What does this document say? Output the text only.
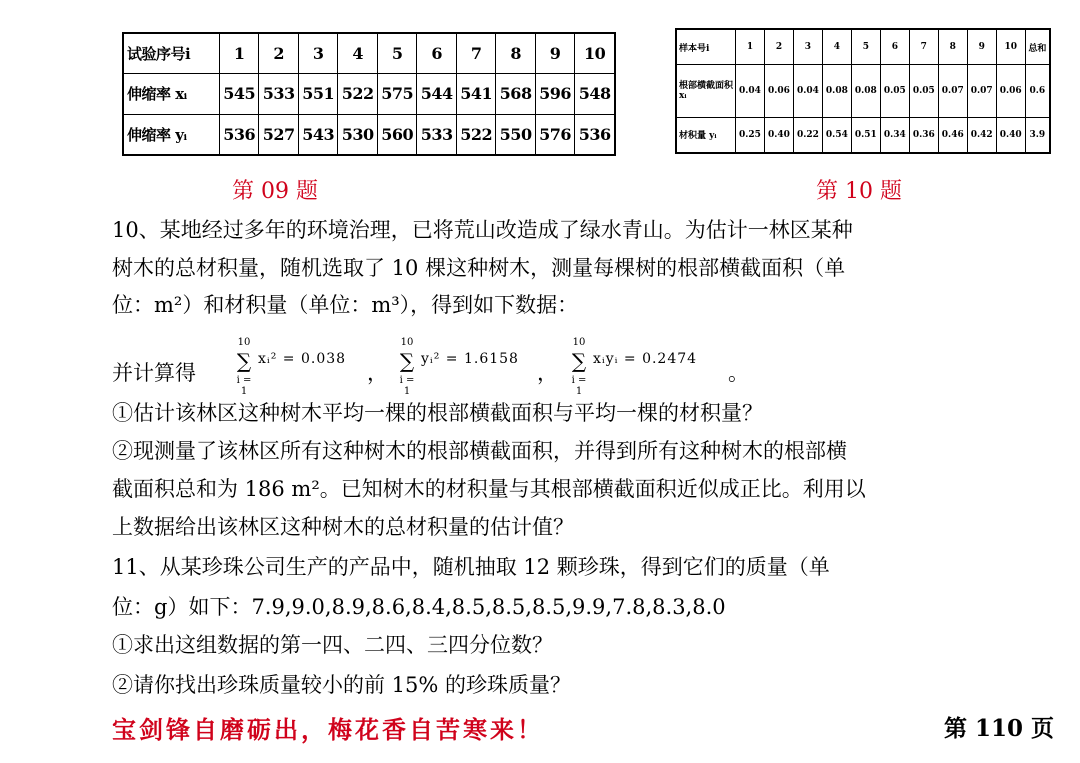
试验序号i	1	2	3	4	5	6	7	8	9	10
伸缩率 xᵢ	545	533	551	522	575	544	541	568	596	548
伸缩率 yᵢ	536	527	543	530	560	533	522	550	576	536
样本号i	1	2	3	4	5	6	7	8	9	10	总和
根部横截面积 xᵢ	0.04	0.06	0.04	0.08	0.08	0.05	0.05	0.07	0.07	0.06	0.6
材积量 yᵢ	0.25	0.40	0.22	0.54	0.51	0.34	0.36	0.46	0.42	0.40	3.9
第 09 题	第 10 题
10、某地经过多年的环境治理，已将荒山改造成了绿水青山。为估计一林区某种
树木的总材积量，随机选取了 10 棵这种树木，测量每棵树的根部横截面积（单
位：m²）和材积量（单位：m³），得到如下数据：
并计算得
10
∑
i = 1
xᵢ² = 0.038
，
10
∑
i = 1
yᵢ² = 1.6158
，
10
∑
i = 1
xᵢyᵢ = 0.2474
。
①估计该林区这种树木平均一棵的根部横截面积与平均一棵的材积量？
②现测量了该林区所有这种树木的根部横截面积，并得到所有这种树木的根部横
截面积总和为 186 m²。已知树木的材积量与其根部横截面积近似成正比。利用以
上数据给出该林区这种树木的总材积量的估计值？
11、从某珍珠公司生产的产品中，随机抽取 12 颗珍珠，得到它们的质量（单
位：g）如下：7.9,9.0,8.9,8.6,8.4,8.5,8.5,8.5,9.9,7.8,8.3,8.0
①求出这组数据的第一四、二四、三四分位数？
②请你找出珍珠质量较小的前 15% 的珍珠质量？
宝剑锋自磨砺出，梅花香自苦寒来！	第 110 页
